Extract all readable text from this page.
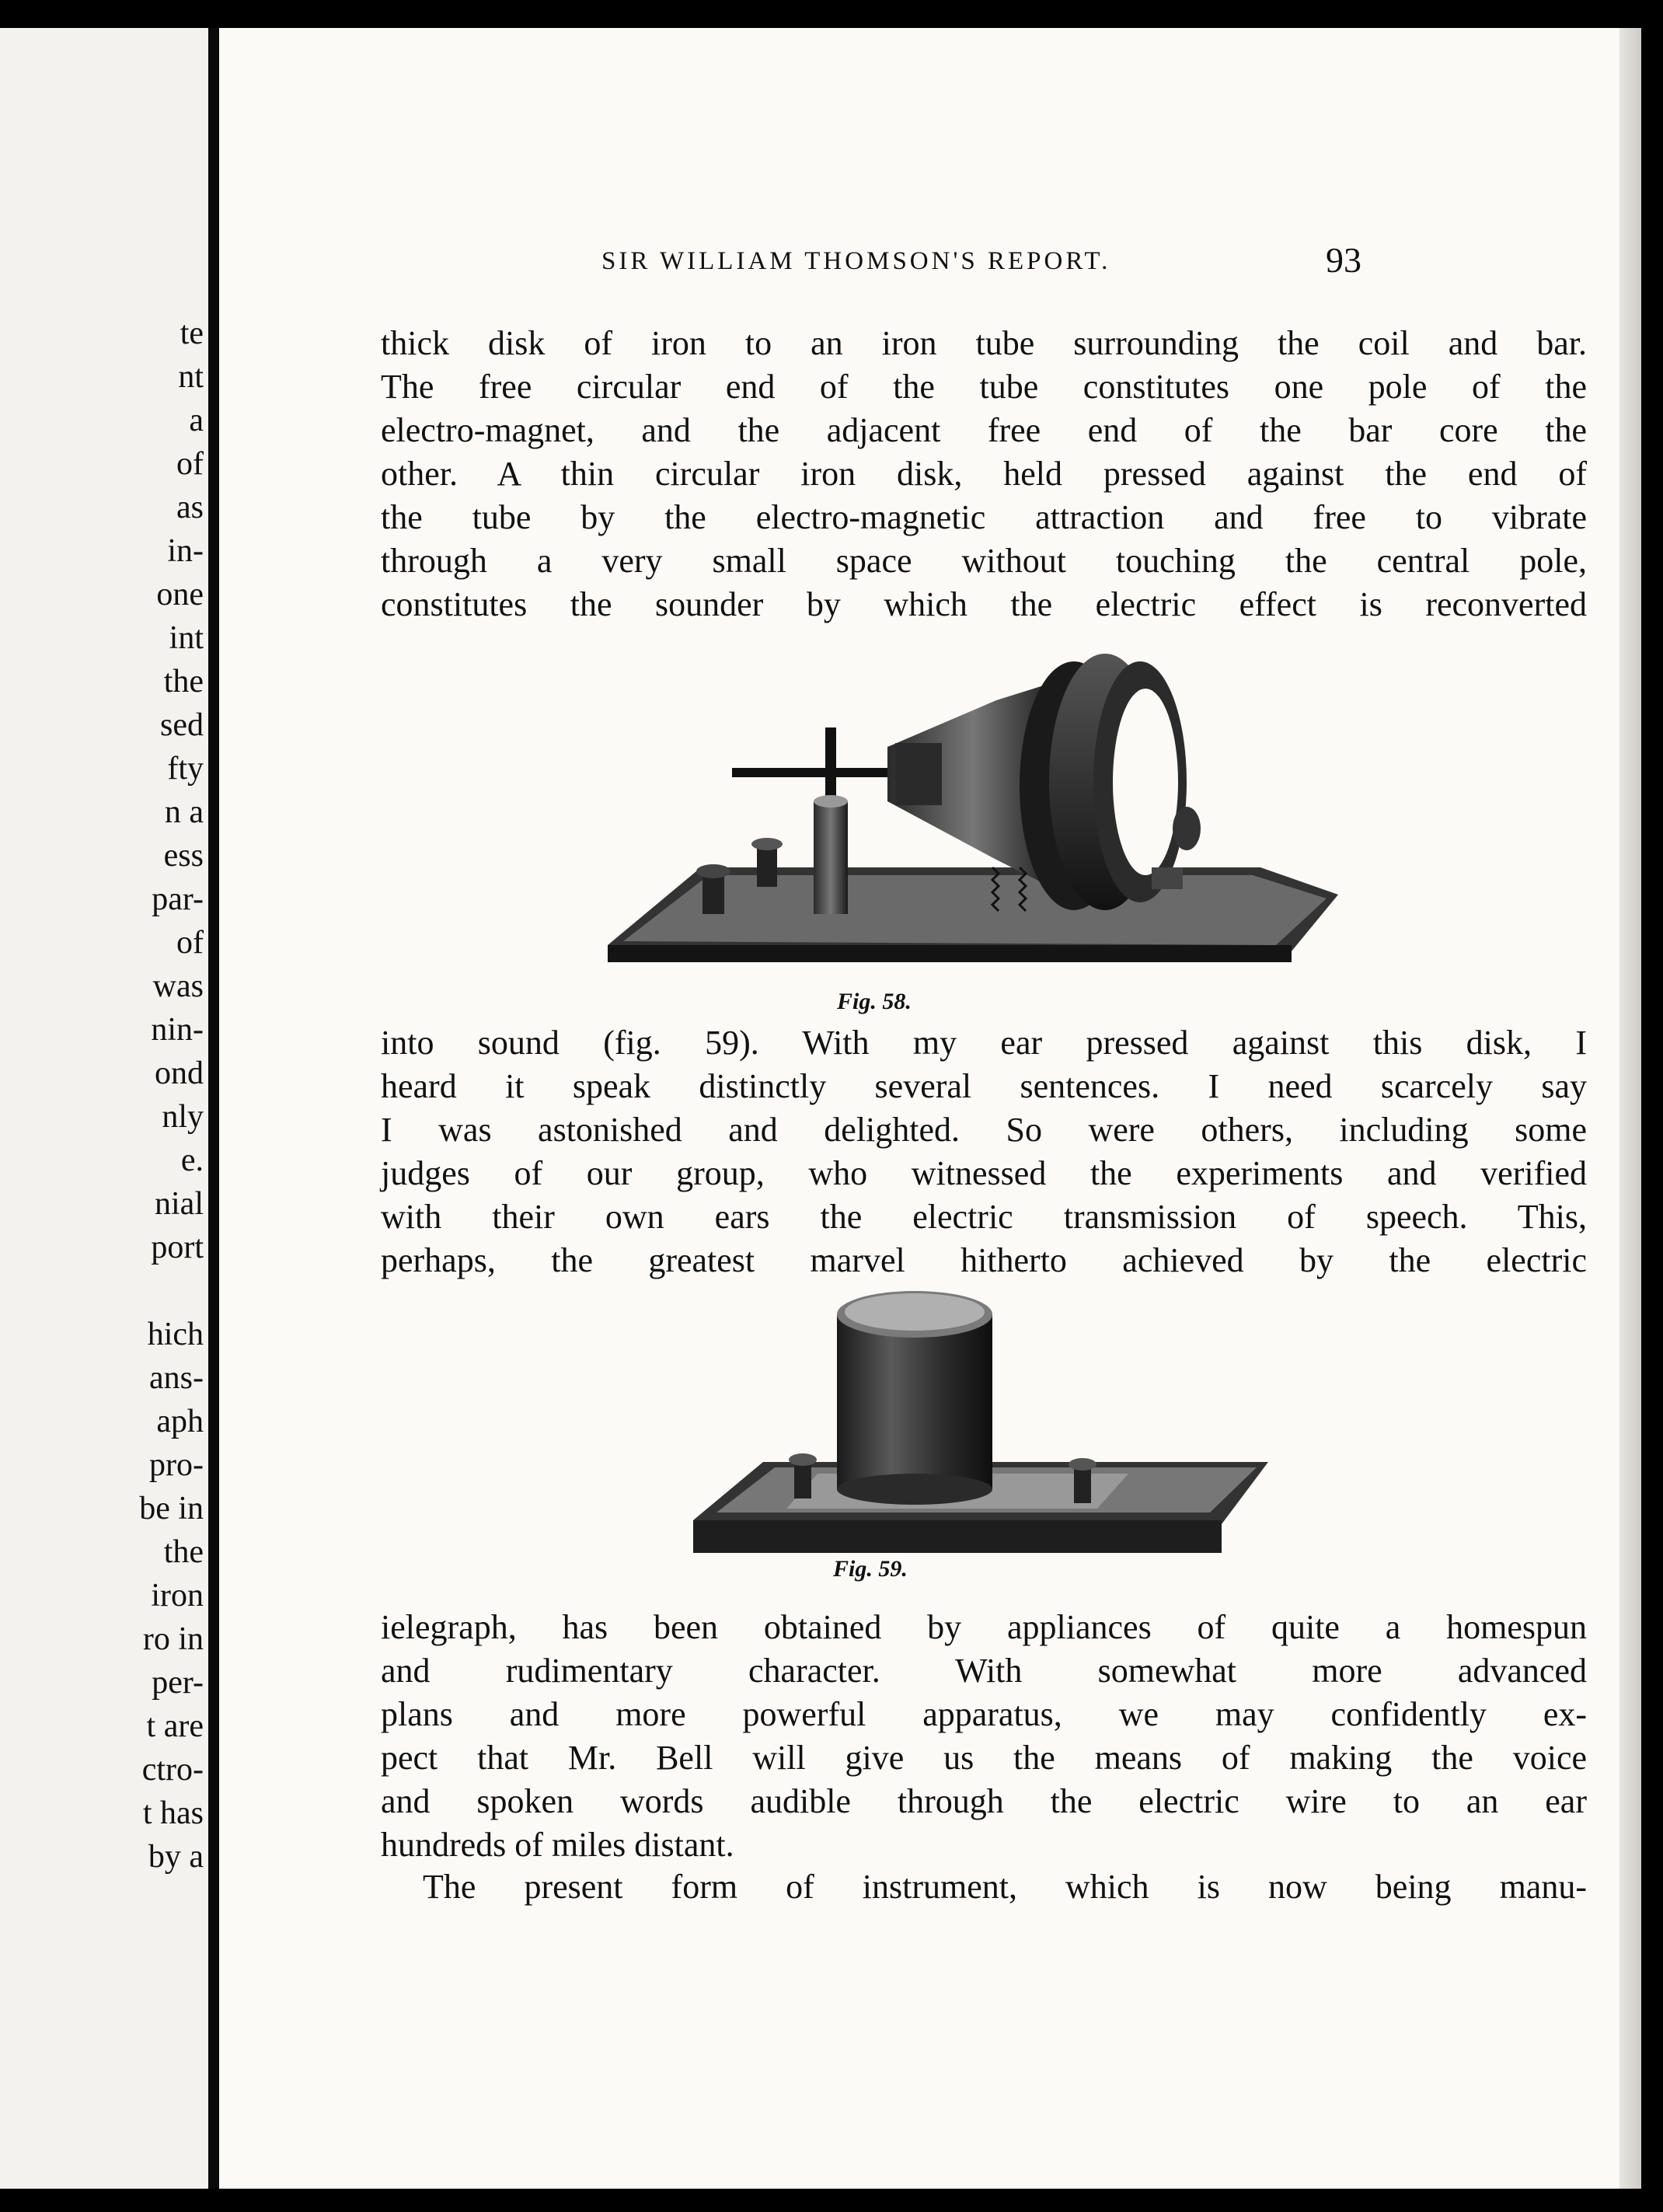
te
nt
a
of
as
in-
one
int
the
sed
fty
n a
ess
par-
of
was
nin-
ond
nly
e.
nial
port
hich
ans-
aph
pro-
be in
the
iron
ro in
per-
t are
ctro-
t has
by a
SIR WILLIAM THOMSON'S REPORT.	93
thick disk of iron to an iron tube surrounding the coil and bar.
The free circular end of the tube constitutes one pole of the
electro-magnet, and the adjacent free end of the bar core the
other. A thin circular iron disk, held pressed against the end of
the tube by the electro-magnetic attraction and free to vibrate
through a very small space without touching the central pole,
constitutes the sounder by which the electric effect is reconverted
Fig. 58.
into sound (fig. 59). With my ear pressed against this disk, I
heard it speak distinctly several sentences. I need scarcely say
I was astonished and delighted. So were others, including some
judges of our group, who witnessed the experiments and verified
with their own ears the electric transmission of speech. This,
perhaps, the greatest marvel hitherto achieved by the electric
Fig. 59.
ielegraph, has been obtained by appliances of quite a homespun
and rudimentary character. With somewhat more advanced
plans and more powerful apparatus, we may confidently ex-
pect that Mr. Bell will give us the means of making the voice
and spoken words audible through the electric wire to an ear
hundreds of miles distant.
The present form of instrument, which is now being manu-
